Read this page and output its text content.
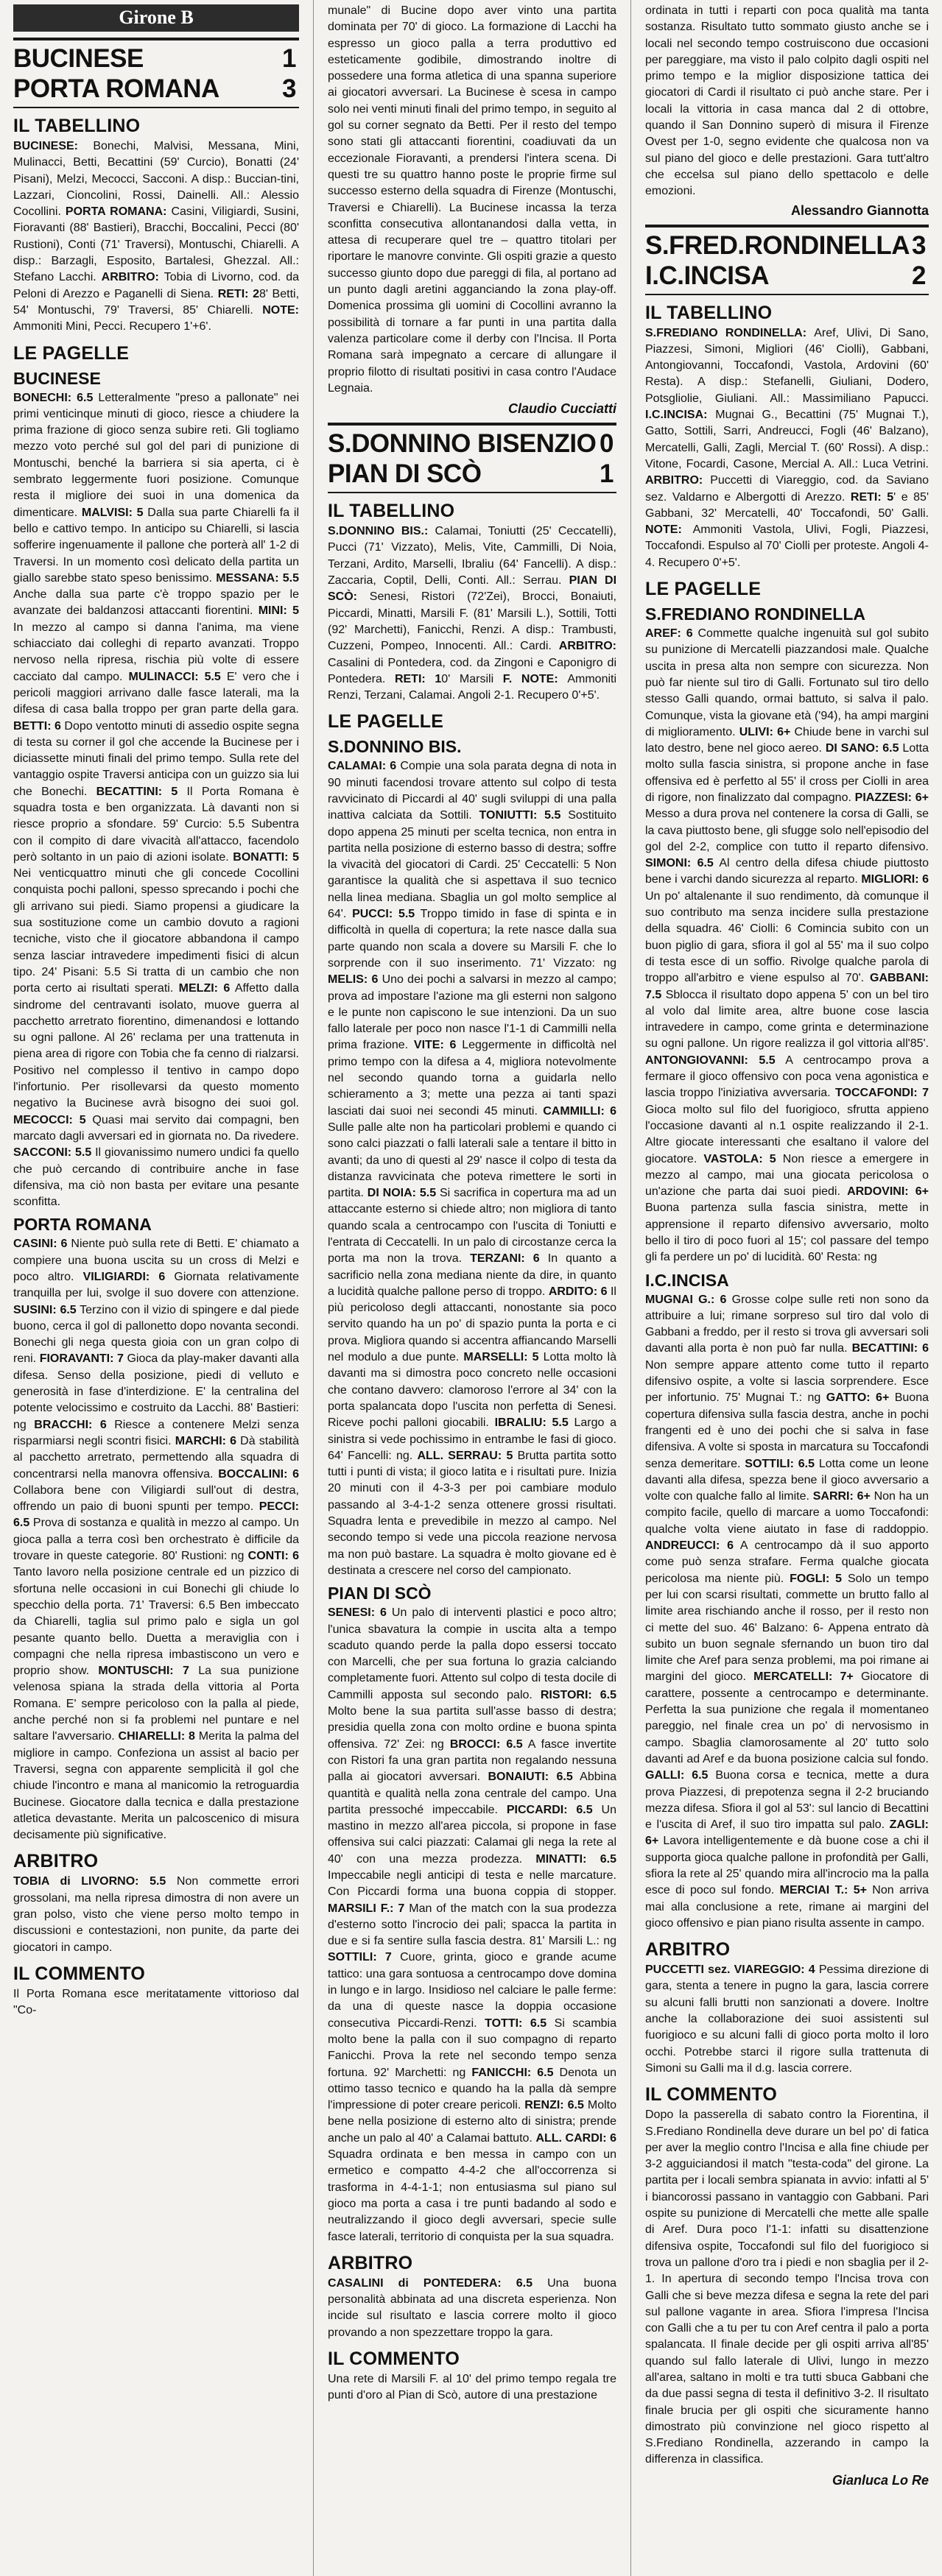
Girone B
BUCINESE	1
PORTA ROMANA 3
IL TABELLINO

BUCINESE: Bonechi, Malvisi, Messana, Mini, Mulinacci, Betti, Becattini (59' Curcio), Bonatti (24' Pisani), Melzi, Mecocci, Sacconi. A disp.: Buccian-tini, Lazzari, Cioncolini, Rossi, Dainelli. All.: Alessio Cocollini. PORTA ROMANA: Casini, Viligiardi, Susini, Fioravanti (88' Bastieri), Bracchi, Boccalini, Pecci (80' Rustioni), Conti (71' Traversi), Montuschi, Chiarelli. A disp.: Barzagli, Esposito, Bartalesi, Ghezzal. All.: Stefano Lacchi. ARBITRO: Tobia di Livorno, cod. da Peloni di Arezzo e Paganelli di Siena. RETI: 28' Betti, 54' Montuschi, 79' Traversi, 85' Chiarelli. NOTE: Ammoniti Mini, Pecci. Recupero 1'+6'.

LE PAGELLE
BUCINESE

BONECHI: 6.5 Letteralmente "preso a pallonate" nei primi venticinque minuti di gioco, riesce a chiudere la prima frazione di gioco senza subire reti. Gli togliamo mezzo voto perché sul gol del pari di punizione di Montuschi, benché la barriera si sia aperta, ci è sembrato leggermente fuori posizione. Comunque resta il migliore dei suoi in una domenica da dimenticare. MALVISI: 5 Dalla sua parte Chiarelli fa il bello e cattivo tempo. In anticipo su Chiarelli, si lascia sofferire ingenuamente il pallone che porterà all' 1-2 di Traversi. In un momento così delicato della partita un giallo sarebbe stato speso benissimo. MESSANA: 5.5 Anche dalla sua parte c'è troppo spazio per le avanzate dei baldanzosi attaccanti fiorentini. MINI: 5 In mezzo al campo si danna l'anima, ma viene schiacciato dai colleghi di reparto avanzati. Troppo nervoso nella ripresa, rischia più volte di essere cacciato dal campo. MULINACCI: 5.5 E' vero che i pericoli maggiori arrivano dalle fasce laterali, ma la difesa di casa balla troppo per gran parte della gara. BETTI: 6 Dopo ventotto minuti di assedio ospite segna di testa su corner il gol che accende la Bucinese per i diciassette minuti finali del primo tempo. Sulla rete del vantaggio ospite Traversi anticipa con un guizzo sia lui che Bonechi. BECATTINI: 5 Il Porta Romana è squadra tosta e ben organizzata. Là davanti non si riesce proprio a sfondare. 59' Curcio: 5.5 Subentra con il compito di dare vivacità all'attacco, facendolo però soltanto in un paio di azioni isolate. BONATTI: 5 Nei venticquattro minuti che gli concede Cocollini conquista pochi palloni, spesso sprecando i pochi che gli arrivano sui piedi. Siamo propensi a giudicare la sua sostituzione come un cambio dovuto a ragioni tecniche, visto che il giocatore abbandona il campo senza lasciar intravedere impedimenti fisici di alcun tipo. 24' Pisani: 5.5 Si tratta di un cambio che non porta certo ai risultati sperati. MELZI: 6 Affetto dalla sindrome del centravanti isolato, muove guerra al pacchetto arretrato fiorentino, dimenandosi e lottando su ogni pallone. Al 26' reclama per una trattenuta in piena area di rigore con Tobia che fa cenno di rialzarsi. Positivo nel complesso il tentivo in campo dopo l'infortunio. Per risollevarsi da questo momento negativo la Bucinese avrà bisogno dei suoi gol. MECOCCI: 5 Quasi mai servito dai compagni, ben marcato dagli avversari ed in giornata no. Da rivedere. SACCONI: 5.5 Il giovanissimo numero undici fa quello che può cercando di contribuire anche in fase difensiva, ma ciò non basta per evitare una pesante sconfitta.

PORTA ROMANA

CASINI: 6 Niente può sulla rete di Betti. E' chiamato a compiere una buona uscita su un cross di Melzi e poco altro. VILIGIARDI: 6 Giornata relativamente tranquilla per lui, svolge il suo dovere con attenzione. SUSINI: 6.5 Terzino con il vizio di spingere e dal piede buono, cerca il gol di pallonetto dopo novanta secondi. Bonechi gli nega questa gioia con un gran colpo di reni. FIORAVANTI: 7 Gioca da play-maker davanti alla difesa. Senso della posizione, piedi di velluto e generosità in fase d'interdizione. E' la centralina del potente velocissimo e costruito da Lacchi. 88' Bastieri: ng BRACCHI: 6 Riesce a contenere Melzi senza risparmiarsi negli scontri fisici. MARCHI: 6 Dà stabilità al pacchetto arretrato, permettendo alla squadra di concentrarsi nella manovra offensiva. BOCCALINI: 6 Collabora bene con Viligiardi sull'out di destra, offrendo un paio di buoni spunti per tempo. PECCI: 6.5 Prova di sostanza e qualità in mezzo al campo. Un gioca palla a terra così ben orchestrato è difficile da trovare in queste categorie. 80' Rustioni: ng CONTI: 6 Tanto lavoro nella posizione centrale ed un pizzico di sfortuna nelle occasioni in cui Bonechi gli chiude lo specchio della porta. 71' Traversi: 6.5 Ben imbeccato da Chiarelli, taglia sul primo palo e sigla un gol pesante quanto bello. Duetta a meraviglia con i compagni che nella ripresa imbastiscono un vero e proprio show. MONTUSCHI: 7 La sua punizione velenosa spiana la strada della vittoria al Porta Romana. E' sempre pericoloso con la palla al piede, anche perché non si fa problemi nel puntare e nel saltare l'avversario. CHIARELLI: 8 Merita la palma del migliore in campo. Confeziona un assist al bacio per Traversi, segna con apparente semplicità il gol che chiude l'incontro e mana al manicomio la retroguardia Bucinese. Giocatore dalla tecnica e dalla prestazione atletica devastante. Merita un palcoscenico di misura decisamente più significative.

ARBITRO

TOBIA di LIVORNO: 5.5 Non commette errori grossolani, ma nella ripresa dimostra di non avere un gran polso, visto che viene perso molto tempo in discussioni e contestazioni, non punite, da parte dei giocatori in campo.

IL COMMENTO

Il Porta Romana esce meritatamente vittorioso dal "Co-

munale" di Bucine dopo aver vinto una partita dominata per 70' di gioco. La formazione di Lacchi ha espresso un gioco palla a terra produttivo ed esteticamente godibile, dimostrando inoltre di possedere una forma atletica di una spanna superiore ai giocatori avversari. La Bucinese è scesa in campo solo nei venti minuti finali del primo tempo, in seguito al gol su corner segnato da Betti. Per il resto del tempo sono stati gli attaccanti fiorentini, coadiuvati da un eccezionale Fioravanti, a prendersi l'intera scena. Di questi tre su quattro hanno poste le proprie firme sul successo esterno della squadra di Firenze (Montuschi, Traversi e Chiarelli). La Bucinese incassa la terza sconfitta consecutiva allontanandosi dalla vetta, in attesa di recuperare quel tre – quattro titolari per riportare le manovre convinte. Gli ospiti grazie a questo successo giunto dopo due pareggi di fila, al portano ad un punto dagli aretini agganciando la zona play-off. Domenica prossima gli uomini di Cocollini avranno la possibilità di tornare a far punti in una partita dalla valenza particolare come il derby con l'Incisa. Il Porta Romana sarà impegnato a cercare di allungare il proprio filotto di risultati positivi in casa contro l'Audace Legnaia.

Claudio Cucciatti
S.DONNINO BISENZIO 0
PIAN DI SCÒ	1
IL TABELLINO

S.DONNINO BIS.: Calamai, Toniutti (25' Ceccatelli), Pucci (71' Vizzato), Melis, Vite, Cammilli, Di Noia, Terzani, Ardito, Marselli, Ibraliu (64' Fancelli). A disp.: Zaccaria, Coptil, Delli, Conti. All.: Serrau. PIAN DI SCÒ: Senesi, Ristori (72'Zei), Brocci, Bonaiuti, Piccardi, Minatti, Marsili F. (81' Marsili L.), Sottili, Totti (92' Marchetti), Fanicchi, Renzi. A disp.: Trambusti, Cuzzeni, Pompeo, Innocenti. All.: Cardi. ARBITRO: Casalini di Pontedera, cod. da Zingoni e Caponigro di Pontedera. RETI: 10' Marsili F. NOTE: Ammoniti Renzi, Terzani, Calamai. Angoli 2-1. Recupero 0'+5'.

LE PAGELLE
S.DONNINO BIS.

CALAMAI: 6 Compie una sola parata degna di nota in 90 minuti facendosi trovare attento sul colpo di testa ravvicinato di Piccardi al 40' sugli sviluppi di una palla inattiva calciata da Sottili. TONIUTTI: 5.5 Sostituito dopo appena 25 minuti per scelta tecnica, non entra in partita nella posizione di esterno basso di destra; soffre la vivacità del giocatori di Cardi. 25' Ceccatelli: 5 Non garantisce la qualità che si aspettava il suo tecnico nella linea mediana. Sbaglia un gol molto semplice al 64'. PUCCI: 5.5 Troppo timido in fase di spinta e in difficoltà in quella di copertura; la rete nasce dalla sua parte quando non scala a dovere su Marsili F. che lo sorprende con il suo inserimento. 71' Vizzato: ng MELIS: 6 Uno dei pochi a salvarsi in mezzo al campo; prova ad impostare l'azione ma gli esterni non salgono e le punte non capiscono le sue intenzioni. Da un suo fallo laterale per poco non nasce l'1-1 di Cammilli nella prima frazione. VITE: 6 Leggermente in difficoltà nel primo tempo con la difesa a 4, migliora notevolmente nel secondo quando torna a guidarla nello schieramento a 3; mette una pezza ai tanti spazi lasciati dai suoi nei secondi 45 minuti. CAMMILLI: 6 Sulle palle alte non ha particolari problemi e quando ci sono calci piazzati o falli laterali sale a tentare il bitto in avanti; da uno di questi al 29' nasce il colpo di testa da distanza ravvicinata che poteva rimettere le sorti in partita. DI NOIA: 5.5 Si sacrifica in copertura ma ad un attaccante esterno si chiede altro; non migliora di tanto quando scala a centrocampo con l'uscita di Toniutti e l'entrata di Ceccatelli. In un palo di circostanze cerca la porta ma non la trova. TERZANI: 6 In quanto a sacrificio nella zona mediana niente da dire, in quanto a lucidità qualche pallone perso di troppo. ARDITO: 6 Il più pericoloso degli attaccanti, nonostante sia poco servito quando ha un po' di spazio punta la porta e ci prova. Migliora quando si accentra affiancando Marselli nel modulo a due punte. MARSELLI: 5 Lotta molto là davanti ma si dimostra poco concreto nelle occasioni che contano davvero: clamoroso l'errore al 34' con la porta spalancata dopo l'uscita non perfetta di Senesi. Riceve pochi palloni giocabili. IBRALIU: 5.5 Largo a sinistra si vede pochissimo in entrambe le fasi di gioco. 64' Fancelli: ng. ALL. SERRAU: 5 Brutta partita sotto tutti i punti di vista; il gioco latita e i risultati pure. Inizia 20 minuti con il 4-3-3 per poi cambiare modulo passando al 3-4-1-2 senza ottenere grossi risultati. Squadra lenta e prevedibile in mezzo al campo. Nel secondo tempo si vede una piccola reazione nervosa ma non può bastare. La squadra è molto giovane ed è destinata a crescere nel corso del campionato.

PIAN DI SCÒ

SENESI: 6 Un palo di interventi plastici e poco altro; l'unica sbavatura la compie in uscita alta a tempo scaduto quando perde la palla dopo essersi toccato con Marcelli, che per sua fortuna lo grazia calciando completamente fuori. Attento sul colpo di testa docile di Cammilli apposta sul secondo palo. RISTORI: 6.5 Molto bene la sua partita sull'asse basso di destra; presidia quella zona con molto ordine e buona spinta offensiva. 72' Zei: ng BROCCI: 6.5 A fasce invertite con Ristori fa una gran partita non regalando nessuna palla ai giocatori avversari. BONAIUTI: 6.5 Abbina quantità e qualità nella zona centrale del campo. Una partita pressoché impeccabile. PICCARDI: 6.5 Un mastino in mezzo all'area piccola, si propone in fase offensiva sui calci piazzati: Calamai gli nega la rete al 40' con una mezza prodezza. MINATTI: 6.5 Impeccabile negli anticipi di testa e nelle marcature. Con Piccardi forma una buona coppia di stopper. MARSILI F.: 7 Man of the match con la sua prodezza d'esterno sotto l'incrocio dei pali; spacca la partita in due e si fa sentire sulla fascia destra. 81' Marsili L.: ng SOTTILI: 7 Cuore, grinta, gioco e grande acume tattico: una gara sontuosa a centrocampo dove domina in lungo e in largo. Insidioso nel calciare le palle ferme: da una di queste nasce la doppia occasione consecutiva Piccardi-Renzi. TOTTI: 6.5 Si scambia molto bene la palla con il suo compagno di reparto Fanicchi. Prova la rete nel secondo tempo senza fortuna. 92' Marchetti: ng FANICCHI: 6.5 Denota un ottimo tasso tecnico e quando ha la palla dà sempre l'impressione di poter creare pericoli. RENZI: 6.5 Molto bene nella posizione di esterno alto di sinistra; prende anche un palo al 40' a Calamai battuto. ALL. CARDI: 6 Squadra ordinata e ben messa in campo con un ermetico e compatto 4-4-2 che all'occorrenza si trasforma in 4-4-1-1; non entusiasma sul piano sul gioco ma porta a casa i tre punti badando al sodo e neutralizzando il gioco degli avversari, specie sulle fasce laterali, territorio di conquista per la sua squadra.

ARBITRO

CASALINI di PONTEDERA: 6.5 Una buona personalità abbinata ad una discreta esperienza. Non incide sul risultato e lascia correre molto il gioco provando a non spezzettare troppo la gara.

IL COMMENTO

Una rete di Marsili F. al 10' del primo tempo regala tre punti d'oro al Pian di Scò, autore di una prestazione

ordinata in tutti i reparti con poca qualità ma tanta sostanza. Risultato tutto sommato giusto anche se i locali nel secondo tempo costruiscono due occasioni per pareggiare, ma visto il palo colpito dagli ospiti nel primo tempo e la miglior disposizione tattica dei giocatori di Cardi il risultato ci può anche stare. Per i locali la vittoria in casa manca dal 2 di ottobre, quando il San Donnino superò di misura il Firenze Ovest per 1-0, segno evidente che qualcosa non va sul piano del gioco e delle prestazioni. Gara tutt'altro che eccelsa sul piano dello spettacolo e delle emozioni.

Alessandro Giannotta
S.FRED.RONDINELLA 3
I.C.INCISA	2
IL TABELLINO

S.FREDIANO RONDINELLA: Aref, Ulivi, Di Sano, Piazzesi, Simoni, Migliori (46' Ciolli), Gabbani, Antongiovanni, Toccafondi, Vastola, Ardovini (60' Resta). A disp.: Stefanelli, Giuliani, Dodero, Potsgliolie, Giuliani. All.: Massimiliano Papucci. I.C.INCISA: Mugnai G., Becattini (75' Mugnai T.), Gatto, Sottili, Sarri, Andreucci, Fogli (46' Balzano), Mercatelli, Galli, Zagli, Mercial T. (60' Rossi). A disp.: Vitone, Focardi, Casone, Mercial A. All.: Luca Vetrini. ARBITRO: Puccetti di Viareggio, cod. da Saviano sez. Valdarno e Albergotti di Arezzo. RETI: 5' e 85' Gabbani, 32' Mercatelli, 40' Toccafondi, 50' Galli. NOTE: Ammoniti Vastola, Ulivi, Fogli, Piazzesi, Toccafondi. Espulso al 70' Ciolli per proteste. Angoli 4-4. Recupero 0'+5'.

LE PAGELLE
S.FREDIANO RONDINELLA

AREF: 6 Commette qualche ingenuità sul gol subito su punizione di Mercatelli piazzandosi male. Qualche uscita in presa alta non sempre con sicurezza. Non può far niente sul tiro di Galli. Fortunato sul tiro dello stesso Galli quando, ormai battuto, si salva il palo. Comunque, vista la giovane età ('94), ha ampi margini di miglioramento. ULIVI: 6+ Chiude bene in varchi sul lato destro, bene nel gioco aereo. DI SANO: 6.5 Lotta molto sulla fascia sinistra, si propone anche in fase offensiva ed è perfetto al 55' il cross per Ciolli in area di rigore, non finalizzato dal compagno. PIAZZESI: 6+ Messo a dura prova nel contenere la corsa di Galli, se la cava piuttosto bene, gli sfugge solo nell'episodio del gol del 2-2, complice con tutto il reparto difensivo. SIMONI: 6.5 Al centro della difesa chiude piuttosto bene i varchi dando sicurezza al reparto. MIGLIORI: 6 Un po' altalenante il suo rendimento, dà comunque il suo contributo ma senza incidere sulla prestazione della squadra. 46' Ciolli: 6 Comincia subito con un buon piglio di gara, sfiora il gol al 55' ma il suo colpo di testa esce di un soffio. Rivolge qualche parola di troppo all'arbitro e viene espulso al 70'. GABBANI: 7.5 Sblocca il risultato dopo appena 5' con un bel tiro al volo dal limite area, altre buone cose lascia intravedere in campo, come grinta e determinazione su ogni pallone. Un rigore realizza il gol vittoria all'85'. ANTONGIOVANNI: 5.5 A centrocampo prova a fermare il gioco offensivo con poca vena agonistica e lascia troppo l'iniziativa avversaria. TOCCAFONDI: 7 Gioca molto sul filo del fuorigioco, sfrutta appieno l'occasione davanti al n.1 ospite realizzando il 2-1. Altre giocate interessanti che esaltano il valore del giocatore. VASTOLA: 5 Non riesce a emergere in mezzo al campo, mai una giocata pericolosa o un'azione che parta dai suoi piedi. ARDOVINI: 6+ Buona partenza sulla fascia sinistra, mette in apprensione il reparto difensivo avversario, molto bello il tiro di poco fuori al 15'; col passare del tempo gli fa perdere un po' di lucidità. 60' Resta: ng

I.C.INCISA

MUGNAI G.: 6 Grosse colpe sulle reti non sono da attribuire a lui; rimane sorpreso sul tiro dal volo di Gabbani a freddo, per il resto si trova gli avversari soli davanti alla porta è non può far nulla. BECATTINI: 6 Non sempre appare attento come tutto il reparto difensivo ospite, a volte si lascia sorprendere. Esce per infortunio. 75' Mugnai T.: ng GATTO: 6+ Buona copertura difensiva sulla fascia destra, anche in pochi frangenti ed è uno dei pochi che si salva in fase difensiva. A volte si sposta in marcatura su Toccafondi senza demeritare. SOTTILI: 6.5 Lotta come un leone davanti alla difesa, spezza bene il gioco avversario a volte con qualche fallo al limite. SARRI: 6+ Non ha un compito facile, quello di marcare a uomo Toccafondi: qualche volta viene aiutato in fase di raddoppio. ANDREUCCI: 6 A centrocampo dà il suo apporto come può senza strafare. Ferma qualche giocata pericolosa ma niente più. FOGLI: 5 Solo un tempo per lui con scarsi risultati, commette un brutto fallo al limite area rischiando anche il rosso, per il resto non ci mette del suo. 46' Balzano: 6- Appena entrato dà subito un buon segnale sfernando un buon tiro dal limite che Aref para senza problemi, ma poi rimane ai margini del gioco. MERCATELLI: 7+ Giocatore di carattere, possente a centrocampo e determinante. Perfetta la sua punizione che regala il momentaneo pareggio, nel finale crea un po' di nervosismo in campo. Sbaglia clamorosamente al 20' tutto solo davanti ad Aref e da buona posizione calcia sul fondo. GALLI: 6.5 Buona corsa e tecnica, mette a dura prova Piazzesi, di prepotenza segna il 2-2 bruciando mezza difesa. Sfiora il gol al 53': sul lancio di Becattini e l'uscita di Aref, il suo tiro impatta sul palo. ZAGLI: 6+ Lavora intelligentemente e dà buone cose a chi il supporta gioca qualche pallone in profondità per Galli, sfiora la rete al 25' quando mira all'incrocio ma la palla esce di poco sul fondo. MERCIAI T.: 5+ Non arriva mai alla conclusione a rete, rimane ai margini del gioco offensivo e pian piano risulta assente in campo.

ARBITRO

PUCCETTI sez. VIAREGGIO: 4 Pessima direzione di gara, stenta a tenere in pugno la gara, lascia correre su alcuni falli brutti non sanzionati a dovere. Inoltre anche la collaborazione dei suoi assistenti sul fuorigioco e su alcuni falli di gioco porta molto il loro occhi. Potrebbe starci il rigore sulla trattenuta di Simoni su Galli ma il d.g. lascia correre.

IL COMMENTO

Dopo la passerella di sabato contro la Fiorentina, il S.Frediano Rondinella deve durare un bel po' di fatica per aver la meglio contro l'Incisa e alla fine chiude per 3-2 agguiciandosi il match "testa-coda" del girone. La partita per i locali sembra spianata in avvio: infatti al 5' i biancorossi passano in vantaggio con Gabbani. Pari ospite su punizione di Mercatelli che mette alle spalle di Aref. Dura poco l'1-1: infatti su disattenzione difensiva ospite, Toccafondi sul filo del fuorigioco si trova un pallone d'oro tra i piedi e non sbaglia per il 2-1. In apertura di secondo tempo l'Incisa trova con Galli che si beve mezza difesa e segna la rete del pari sul pallone vagante in area. Sfiora l'impresa l'Incisa con Galli che a tu per tu con Aref centra il palo a porta spalancata. Il finale decide per gli ospiti arriva all'85' quando sul fallo laterale di Ulivi, lungo in mezzo all'area, saltano in molti e tra tutti sbuca Gabbani che da due passi segna di testa il definitivo 3-2. Il risultato finale brucia per gli ospiti che sicuramente hanno dimostrato più convinzione nel gioco rispetto al S.Frediano Rondinella, azzerando in campo la differenza in classifica.

Gianluca Lo Re
